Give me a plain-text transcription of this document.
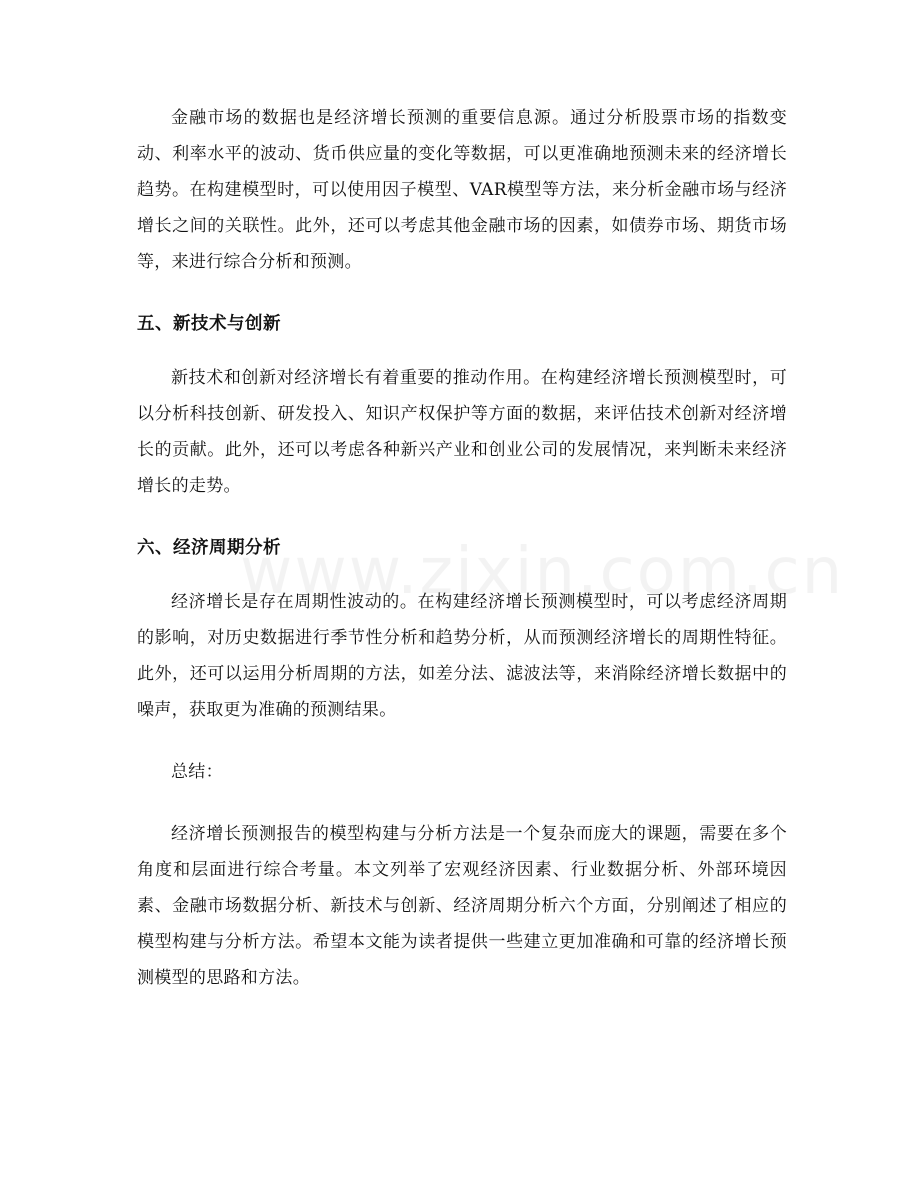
金融市场的数据也是经济增长预测的重要信息源。通过分析股票市场的指数变动、利率水平的波动、货币供应量的变化等数据，可以更准确地预测未来的经济增长趋势。在构建模型时，可以使用因子模型、VAR模型等方法，来分析金融市场与经济增长之间的关联性。此外，还可以考虑其他金融市场的因素，如债券市场、期货市场等，来进行综合分析和预测。

五、新技术与创新

新技术和创新对经济增长有着重要的推动作用。在构建经济增长预测模型时，可以分析科技创新、研发投入、知识产权保护等方面的数据，来评估技术创新对经济增长的贡献。此外，还可以考虑各种新兴产业和创业公司的发展情况，来判断未来经济增长的走势。

六、经济周期分析

经济增长是存在周期性波动的。在构建经济增长预测模型时，可以考虑经济周期的影响，对历史数据进行季节性分析和趋势分析，从而预测经济增长的周期性特征。此外，还可以运用分析周期的方法，如差分法、滤波法等，来消除经济增长数据中的噪声，获取更为准确的预测结果。

总结：

经济增长预测报告的模型构建与分析方法是一个复杂而庞大的课题，需要在多个角度和层面进行综合考量。本文列举了宏观经济因素、行业数据分析、外部环境因素、金融市场数据分析、新技术与创新、经济周期分析六个方面，分别阐述了相应的模型构建与分析方法。希望本文能为读者提供一些建立更加准确和可靠的经济增长预测模型的思路和方法。
